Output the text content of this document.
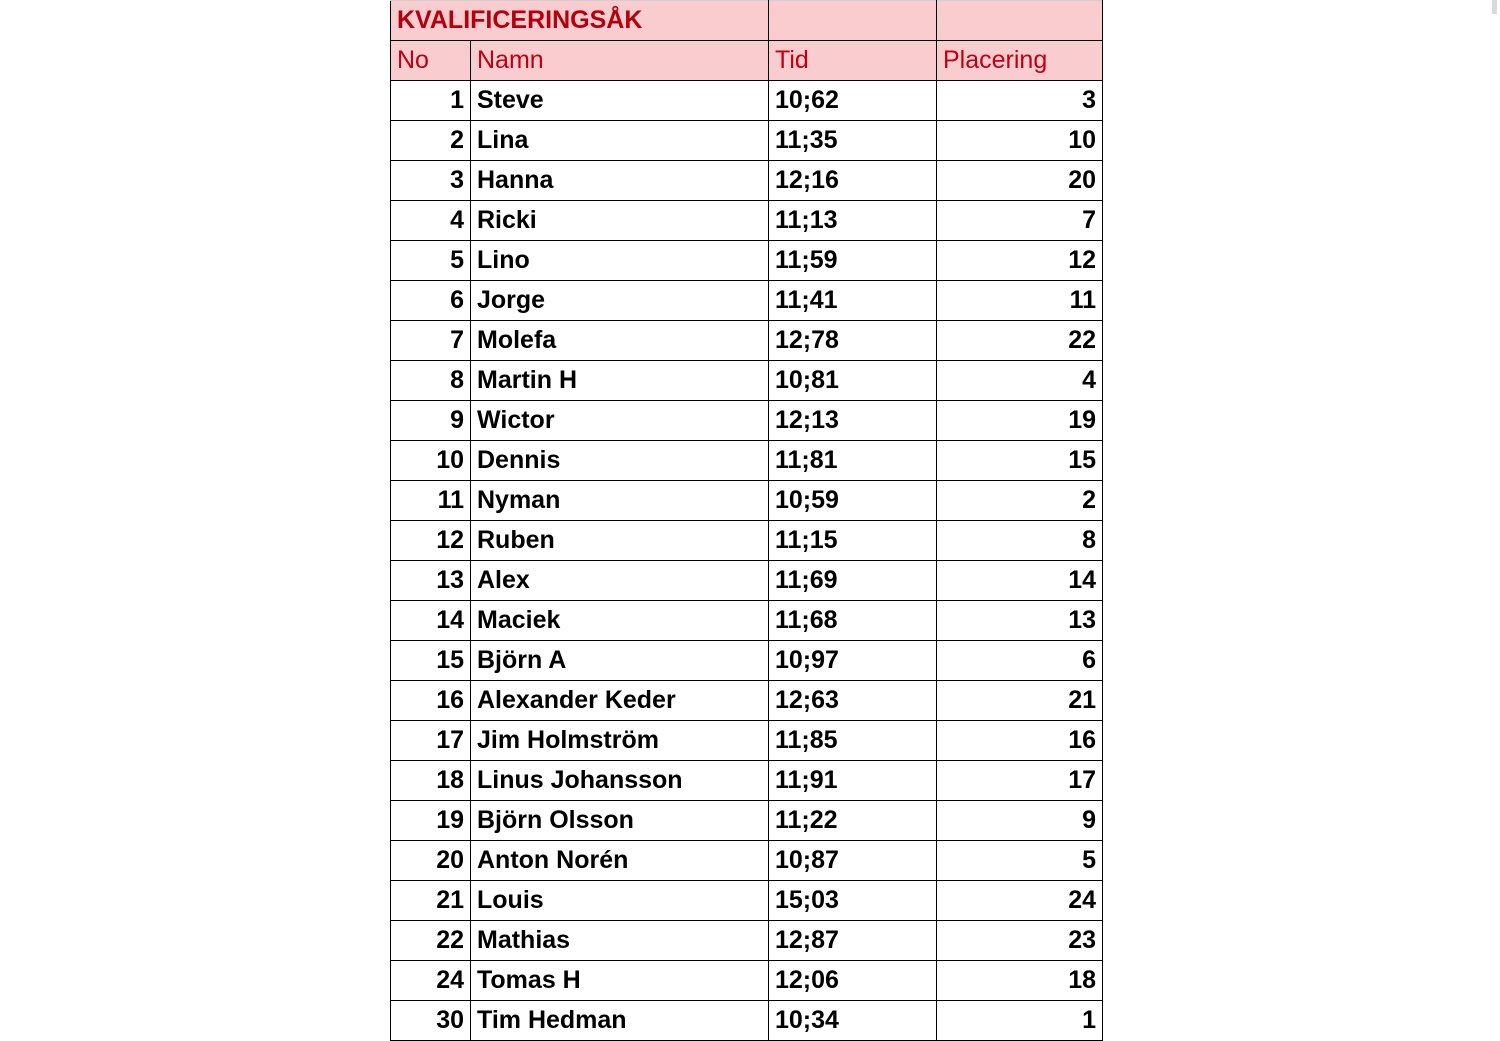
KVALIFICERINGSÅK			
No	Namn	Tid	Placering
1	Steve	10;62	3
2	Lina	11;35	10
3	Hanna	12;16	20
4	Ricki	11;13	7
5	Lino	11;59	12
6	Jorge	11;41	11
7	Molefa	12;78	22
8	Martin H	10;81	4
9	Wictor	12;13	19
10	Dennis	11;81	15
11	Nyman	10;59	2
12	Ruben	11;15	8
13	Alex	11;69	14
14	Maciek	11;68	13
15	Björn A	10;97	6
16	Alexander Keder	12;63	21
17	Jim Holmström	11;85	16
18	Linus Johansson	11;91	17
19	Björn Olsson	11;22	9
20	Anton Norén	10;87	5
21	Louis	15;03	24
22	Mathias	12;87	23
24	Tomas H	12;06	18
30	Tim Hedman	10;34	1
